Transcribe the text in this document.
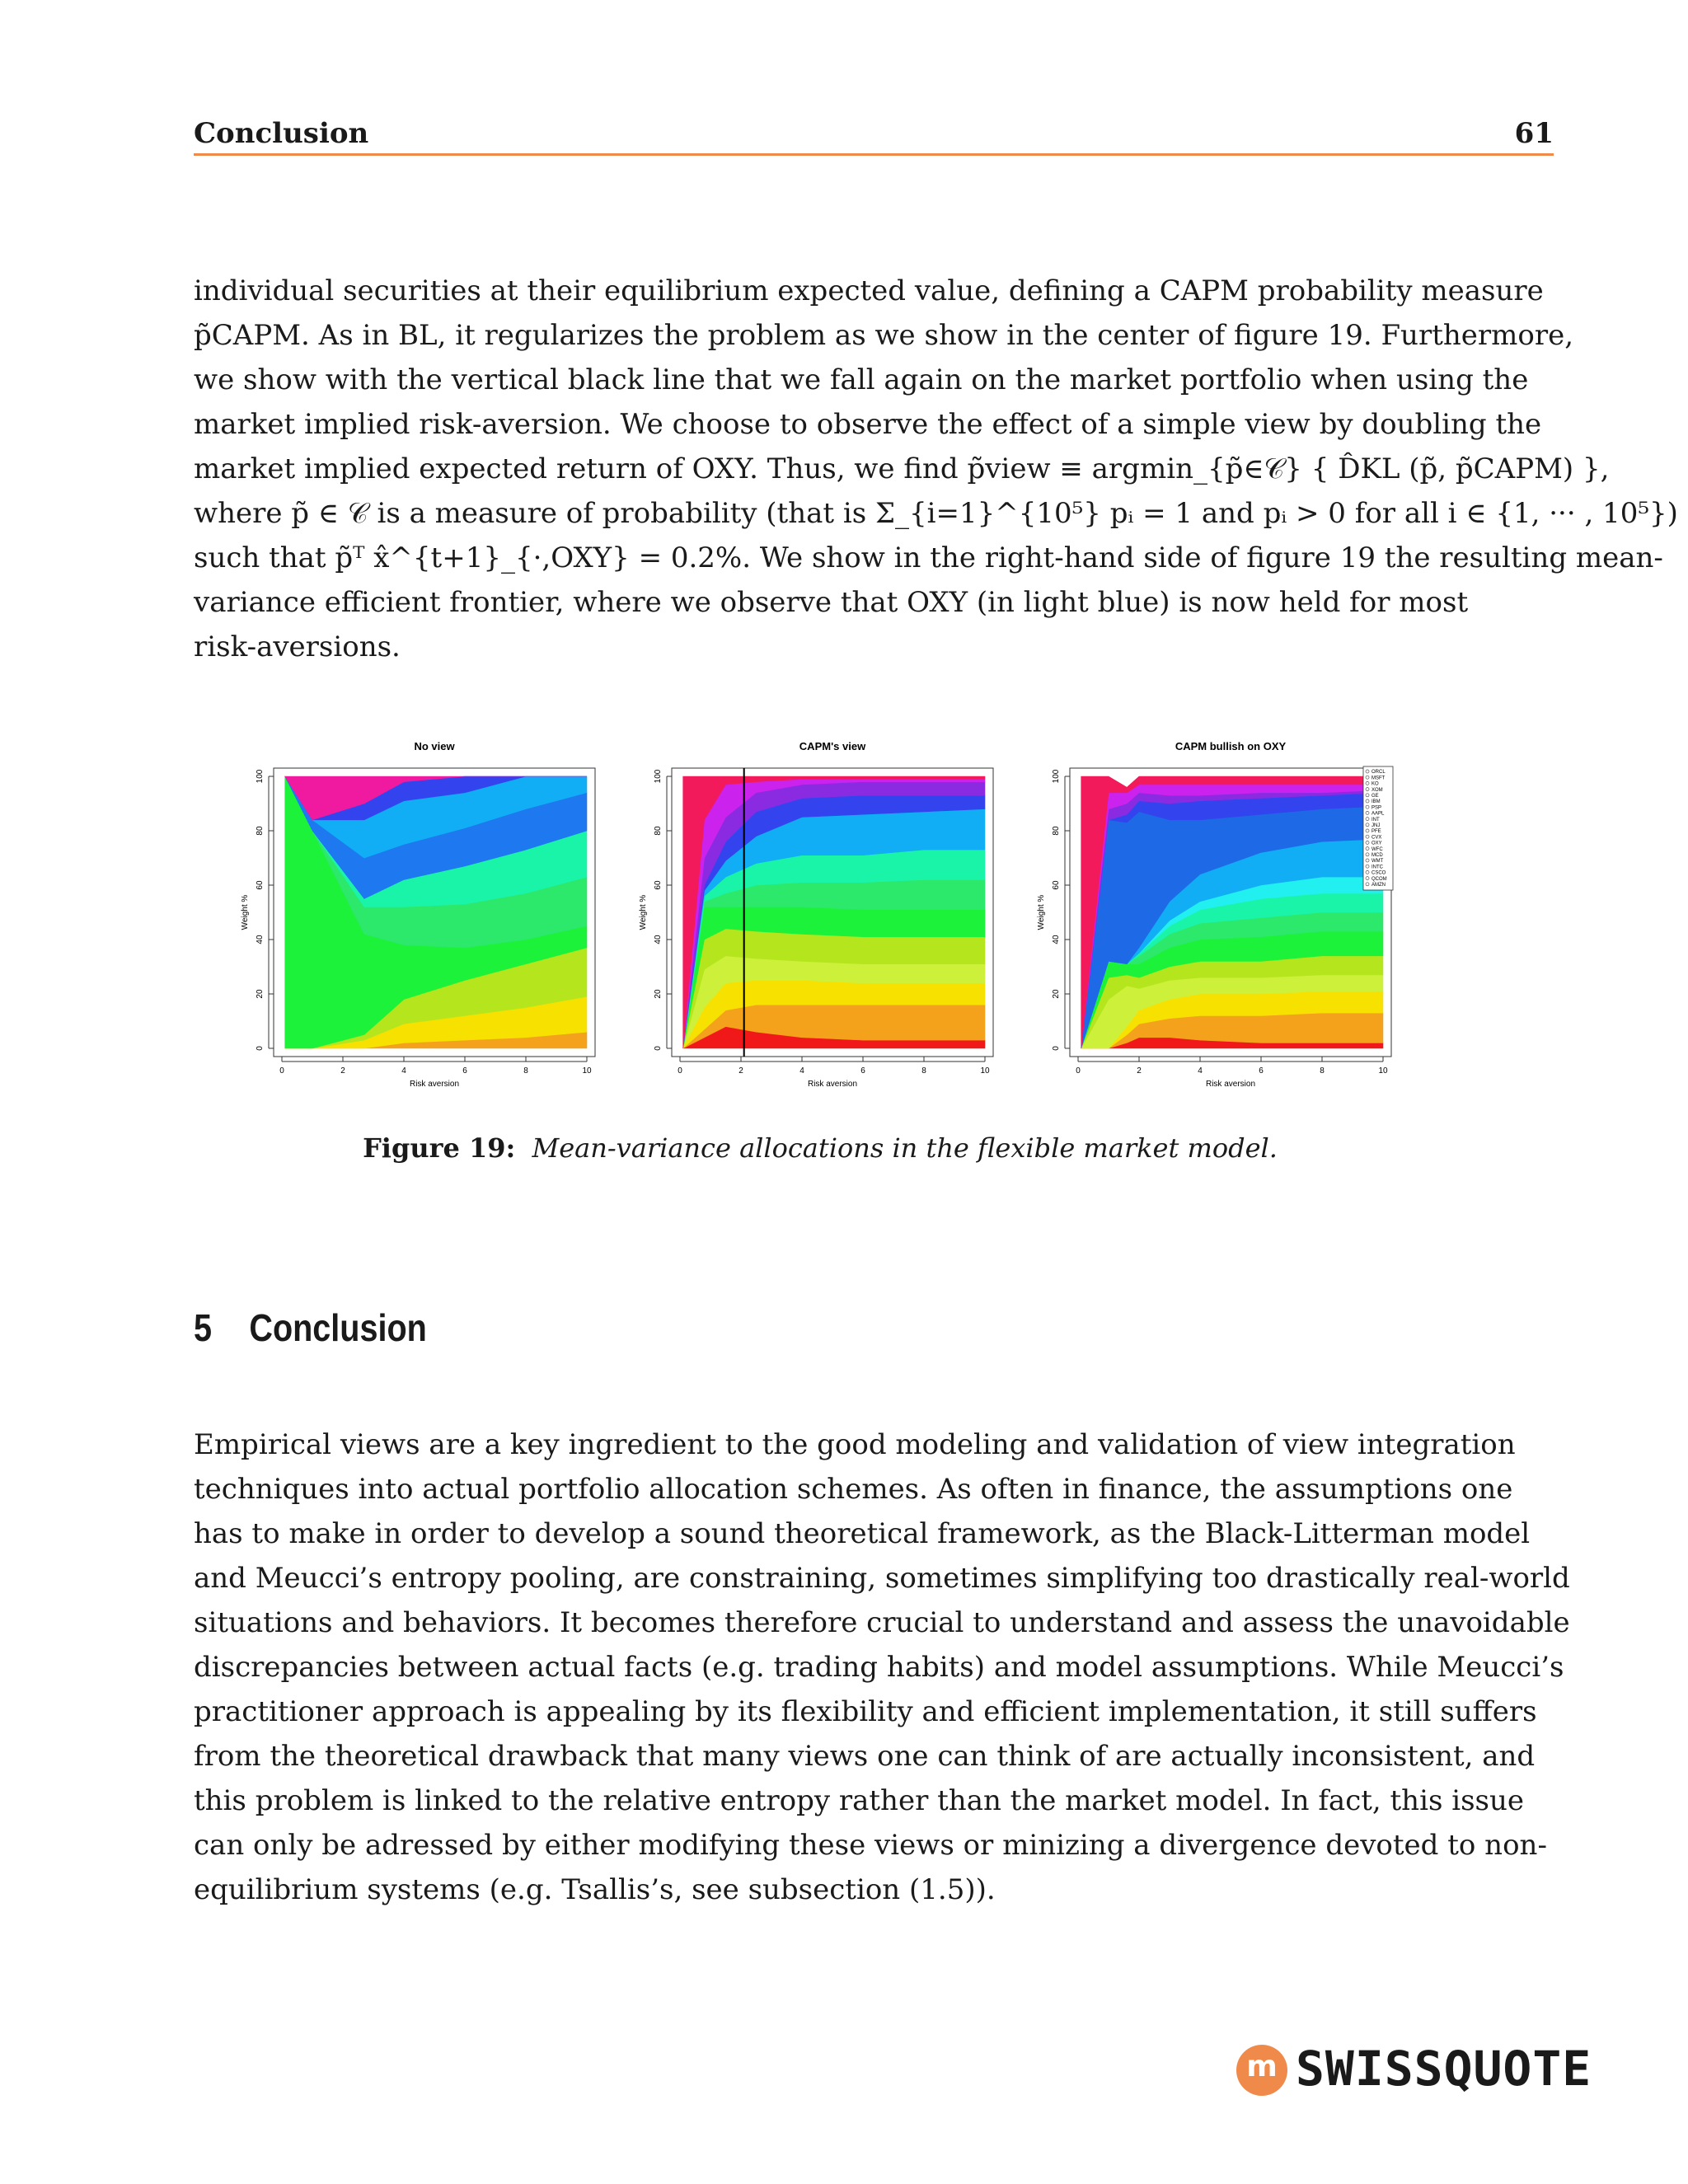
Conclusion	61
individual securities at their equilibrium expected value, defining a CAPM probability measure
p̃CAPM. As in BL, it regularizes the problem as we show in the center of figure 19. Furthermore,
we show with the vertical black line that we fall again on the market portfolio when using the
market implied risk-aversion. We choose to observe the effect of a simple view by doubling the
market implied expected return of OXY. Thus, we find p̃view ≡ argmin_{p̃∈𝒞} { D̂KL (p̃, p̃CAPM) },
where p̃ ∈ 𝒞 is a measure of probability (that is Σ_{i=1}^{10⁵} pᵢ = 1 and pᵢ > 0 for all i ∈ {1, ··· , 10⁵})
such that p̃ᵀ x̂^{t+1}_{·,OXY} = 0.2%. We show in the right-hand side of figure 19 the resulting mean-
variance efficient frontier, where we observe that OXY (in light blue) is now held for most
risk-aversions.
No view
0	2	4	6	8	10
Risk aversion
0
20
40
60
80
100
Weight %
CAPM's view
0	2	4	6	8	10
Risk aversion
0
20
40
60
80
100
Weight %
CAPM bullish on OXY
0	2	4	6	8	10
Risk aversion
0
20
40
60
80
100
Weight %
ORCL
MSFT
KO
XOM
GE
IBM
PSP
AAPL
INT
JNJ
PFE
CVX
OXY
WFC
MCD
WMT
INTC
CSCO
QCOM
AMZN
Figure 19: Mean-variance allocations in the flexible market model.
5 Conclusion
Empirical views are a key ingredient to the good modeling and validation of view integration
techniques into actual portfolio allocation schemes. As often in finance, the assumptions one
has to make in order to develop a sound theoretical framework, as the Black-Litterman model
and Meucci’s entropy pooling, are constraining, sometimes simplifying too drastically real-world
situations and behaviors. It becomes therefore crucial to understand and assess the unavoidable
discrepancies between actual facts (e.g. trading habits) and model assumptions. While Meucci’s
practitioner approach is appealing by its flexibility and efficient implementation, it still suffers
from the theoretical drawback that many views one can think of are actually inconsistent, and
this problem is linked to the relative entropy rather than the market model. In fact, this issue
can only be adressed by either modifying these views or minizing a divergence devoted to non-
equilibrium systems (e.g. Tsallis’s, see subsection (1.5)).
m SWISSQUOTE
